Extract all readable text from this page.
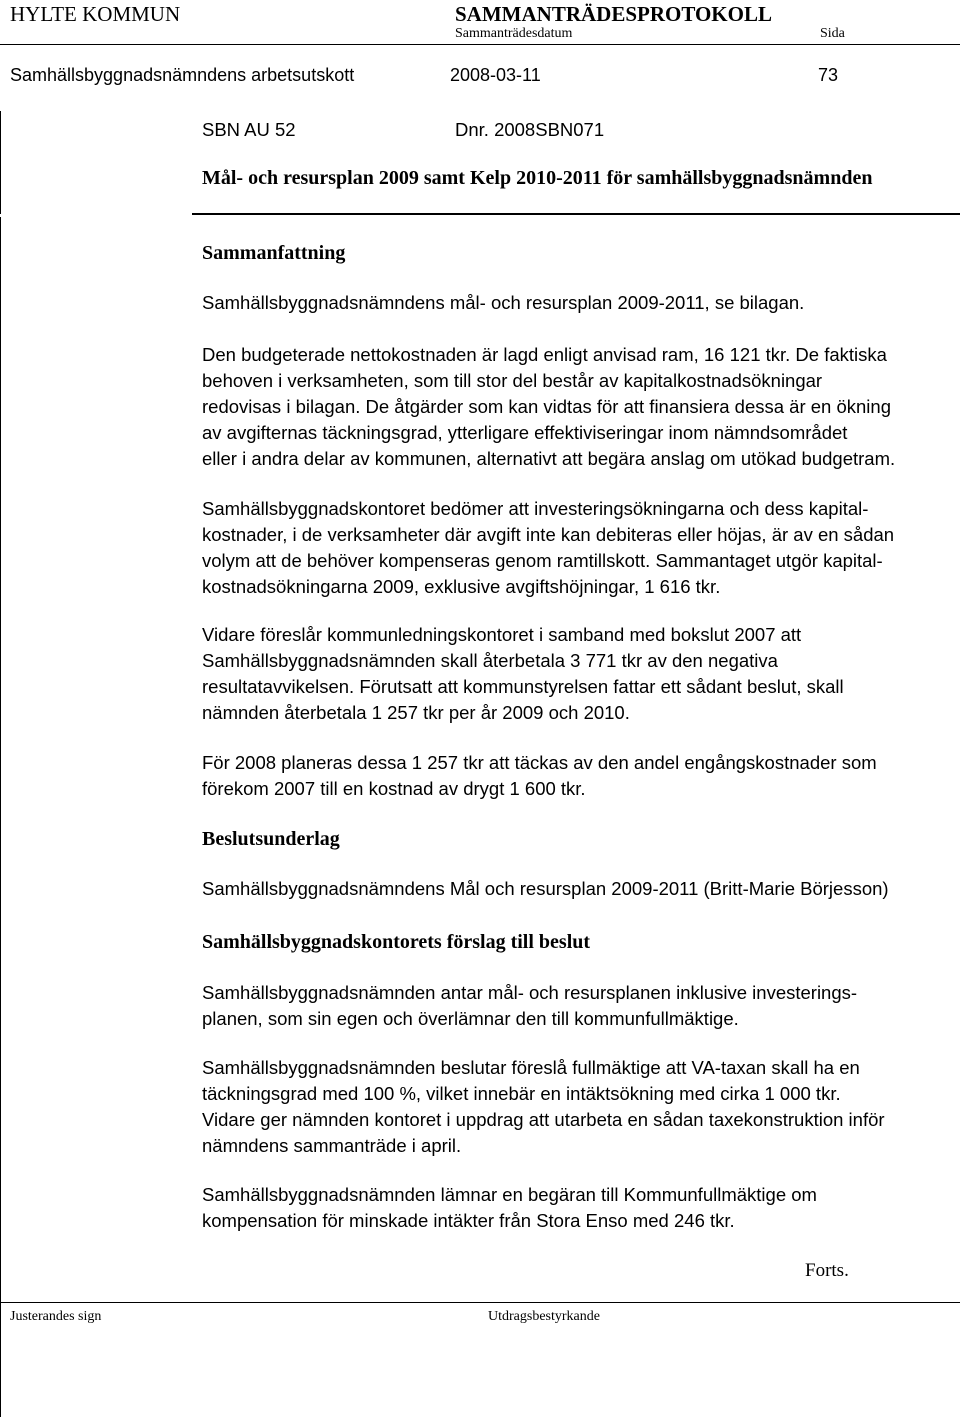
HYLTE KOMMUN	SAMMANTRÄDESPROTOKOLL
Sammanträdesdatum	Sida
Samhällsbyggnadsnämndens arbetsutskott	2008-03-11	73
SBN AU 52	Dnr. 2008SBN071
Mål- och resursplan 2009 samt Kelp 2010-2011 för samhällsbyggnadsnämnden
Sammanfattning

Samhällsbyggnadsnämndens mål- och resursplan 2009-2011, se bilagan.

Den budgeterade nettokostnaden är lagd enligt anvisad ram, 16 121 tkr. De faktiska

behoven i verksamheten, som till stor del består av kapitalkostnadsökningar

redovisas i bilagan. De åtgärder som kan vidtas för att finansiera dessa är en ökning

av avgifternas täckningsgrad, ytterligare effektiviseringar inom nämndsområdet

eller i andra delar av kommunen, alternativt att begära anslag om utökad budgetram.

Samhällsbyggnadskontoret bedömer att investeringsökningarna och dess kapital-

kostnader, i de verksamheter där avgift inte kan debiteras eller höjas, är av en sådan

volym att de behöver kompenseras genom ramtillskott. Sammantaget utgör kapital-

kostnadsökningarna 2009, exklusive avgiftshöjningar, 1 616 tkr.

Vidare föreslår kommunledningskontoret i samband med bokslut 2007 att

Samhällsbyggnadsnämnden skall återbetala 3 771 tkr av den negativa

resultatavvikelsen. Förutsatt att kommunstyrelsen fattar ett sådant beslut, skall

nämnden återbetala 1 257 tkr per år 2009 och 2010.

För 2008 planeras dessa 1 257 tkr att täckas av den andel engångskostnader som

förekom 2007 till en kostnad av drygt 1 600 tkr.

Beslutsunderlag

Samhällsbyggnadsnämndens Mål och resursplan 2009-2011 (Britt-Marie Börjesson)

Samhällsbyggnadskontorets förslag till beslut

Samhällsbyggnadsnämnden antar mål- och resursplanen inklusive investerings-

planen, som sin egen och överlämnar den till kommunfullmäktige.

Samhällsbyggnadsnämnden beslutar föreslå fullmäktige att VA-taxan skall ha en

täckningsgrad med 100 %, vilket innebär en intäktsökning med cirka 1 000 tkr.

Vidare ger nämnden kontoret i uppdrag att utarbeta en sådan taxekonstruktion inför

nämndens sammanträde i april.

Samhällsbyggnadsnämnden lämnar en begäran till Kommunfullmäktige om

kompensation för minskade intäkter från Stora Enso med 246 tkr.

Forts.
Justerandes sign	Utdragsbestyrkande
